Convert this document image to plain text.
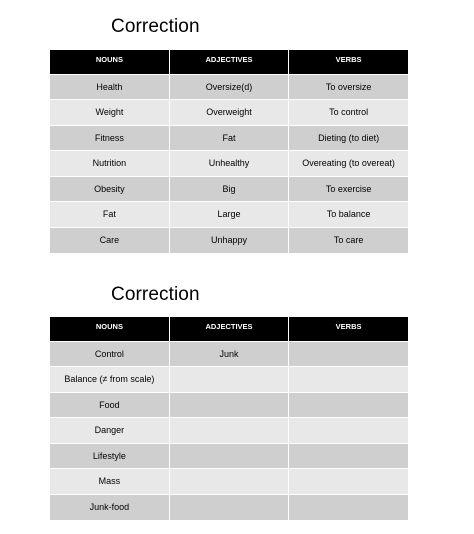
Correction
NOUNS	ADJECTIVES	VERBS
Health	Oversize(d)	To oversize
Weight	Overweight	To control
Fitness	Fat	Dieting (to diet)
Nutrition	Unhealthy	Overeating (to overeat)
Obesity	Big	To exercise
Fat	Large	To balance
Care	Unhappy	To care
Correction
NOUNS	ADJECTIVES	VERBS
Control	Junk	
Balance (≠ from scale)		
Food		
Danger		
Lifestyle		
Mass		
Junk-food		
